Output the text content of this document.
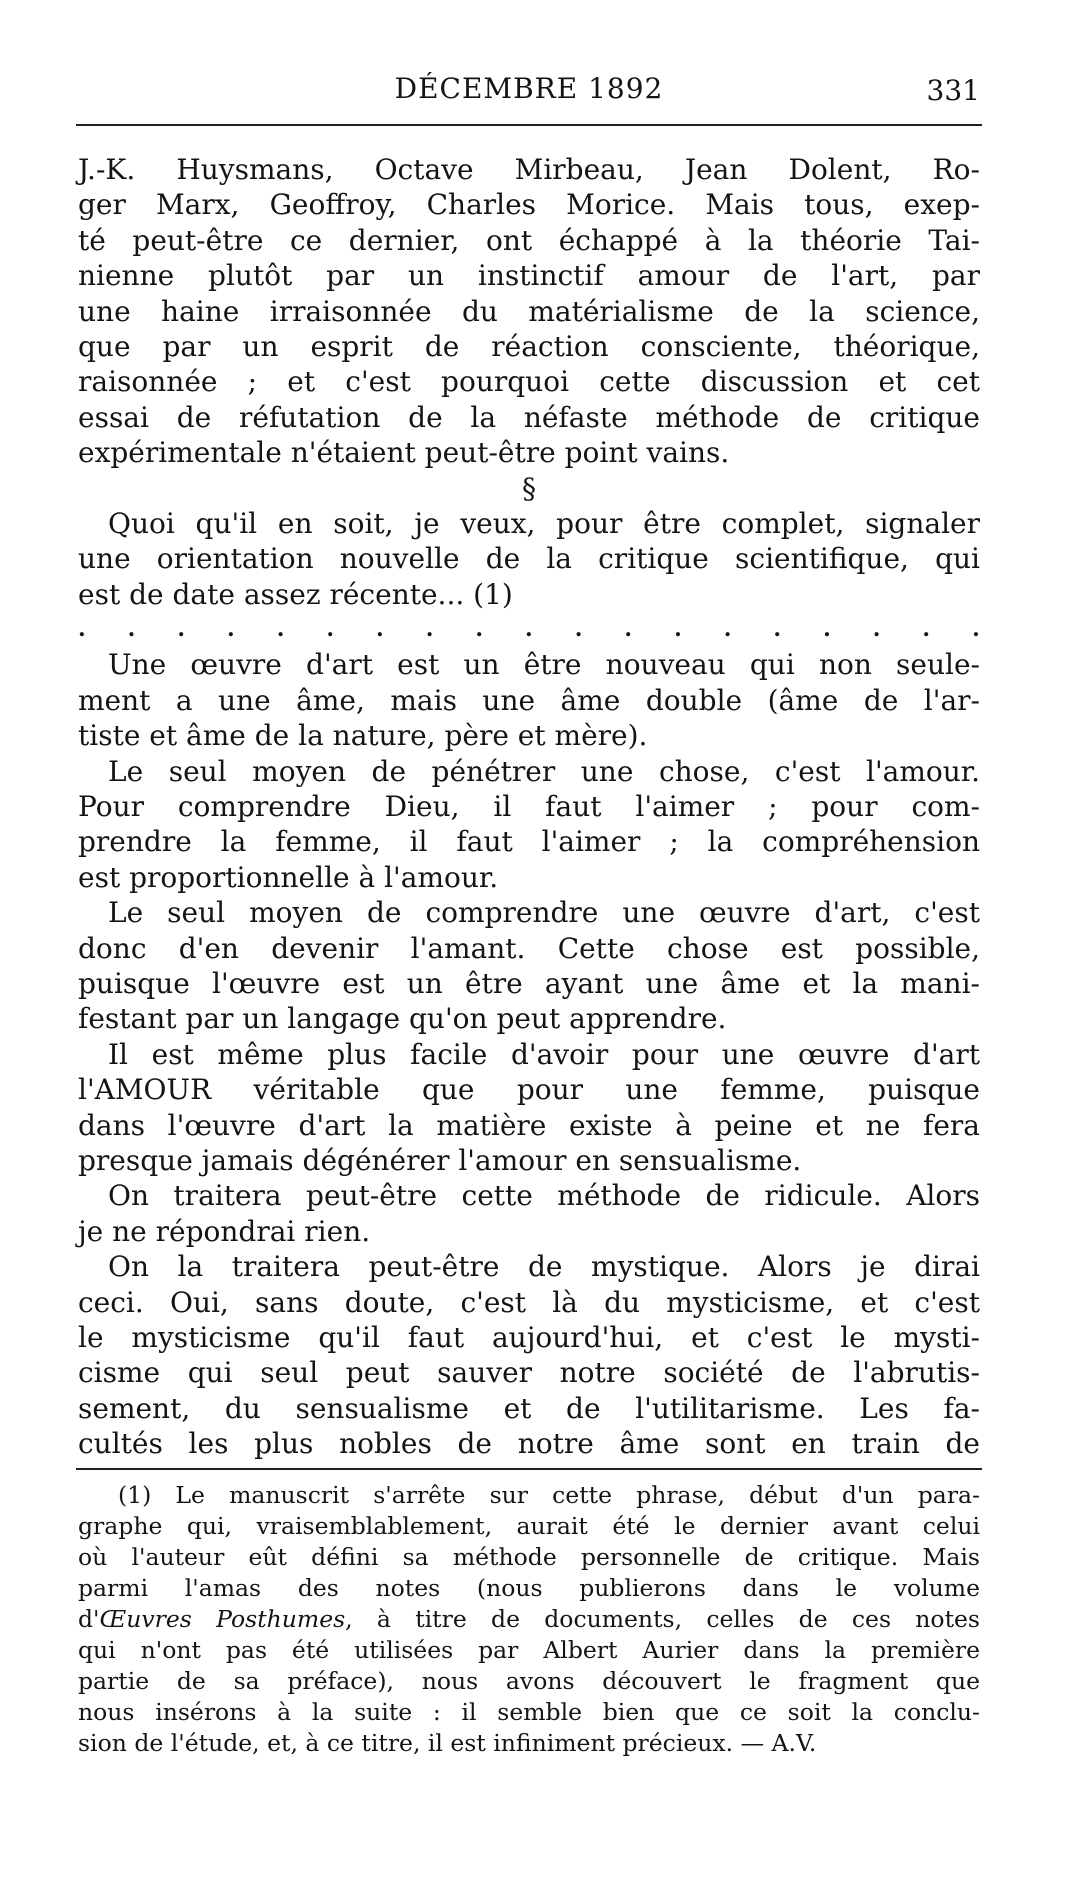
DÉCEMBRE 1892	331
J.-K. Huysmans, Octave Mirbeau, Jean Dolent, Ro-
ger Marx, Geoffroy, Charles Morice. Mais tous, exep-
té peut-être ce dernier, ont échappé à la théorie Tai-
nienne plutôt par un instinctif amour de l'art, par
une haine irraisonnée du matérialisme de la science,
que par un esprit de réaction consciente, théorique,
raisonnée ; et c'est pourquoi cette discussion et cet
essai de réfutation de la néfaste méthode de critique
expérimentale n'étaient peut-être point vains.
§
Quoi qu'il en soit, je veux, pour être complet, signaler
une orientation nouvelle de la critique scientifique, qui
est de date assez récente... (1)
. . . . . . . . . . . . . . . . . . .
Une œuvre d'art est un être nouveau qui non seule-
ment a une âme, mais une âme double (âme de l'ar-
tiste et âme de la nature, père et mère).
Le seul moyen de pénétrer une chose, c'est l'amour.
Pour comprendre Dieu, il faut l'aimer ; pour com-
prendre la femme, il faut l'aimer ; la compréhension
est proportionnelle à l'amour.
Le seul moyen de comprendre une œuvre d'art, c'est
donc d'en devenir l'amant. Cette chose est possible,
puisque l'œuvre est un être ayant une âme et la mani-
festant par un langage qu'on peut apprendre.
Il est même plus facile d'avoir pour une œuvre d'art
l'AMOUR véritable que pour une femme, puisque
dans l'œuvre d'art la matière existe à peine et ne fera
presque jamais dégénérer l'amour en sensualisme.
On traitera peut-être cette méthode de ridicule. Alors
je ne répondrai rien.
On la traitera peut-être de mystique. Alors je dirai
ceci. Oui, sans doute, c'est là du mysticisme, et c'est
le mysticisme qu'il faut aujourd'hui, et c'est le mysti-
cisme qui seul peut sauver notre société de l'abrutis-
sement, du sensualisme et de l'utilitarisme. Les fa-
cultés les plus nobles de notre âme sont en train de
(1) Le manuscrit s'arrête sur cette phrase, début d'un para-
graphe qui, vraisemblablement, aurait été le dernier avant celui
où l'auteur eût défini sa méthode personnelle de critique. Mais
parmi l'amas des notes (nous publierons dans le volume
d'Œuvres Posthumes, à titre de documents, celles de ces notes
qui n'ont pas été utilisées par Albert Aurier dans la première
partie de sa préface), nous avons découvert le fragment que
nous insérons à la suite : il semble bien que ce soit la conclu-
sion de l'étude, et, à ce titre, il est infiniment précieux. — A.V.
